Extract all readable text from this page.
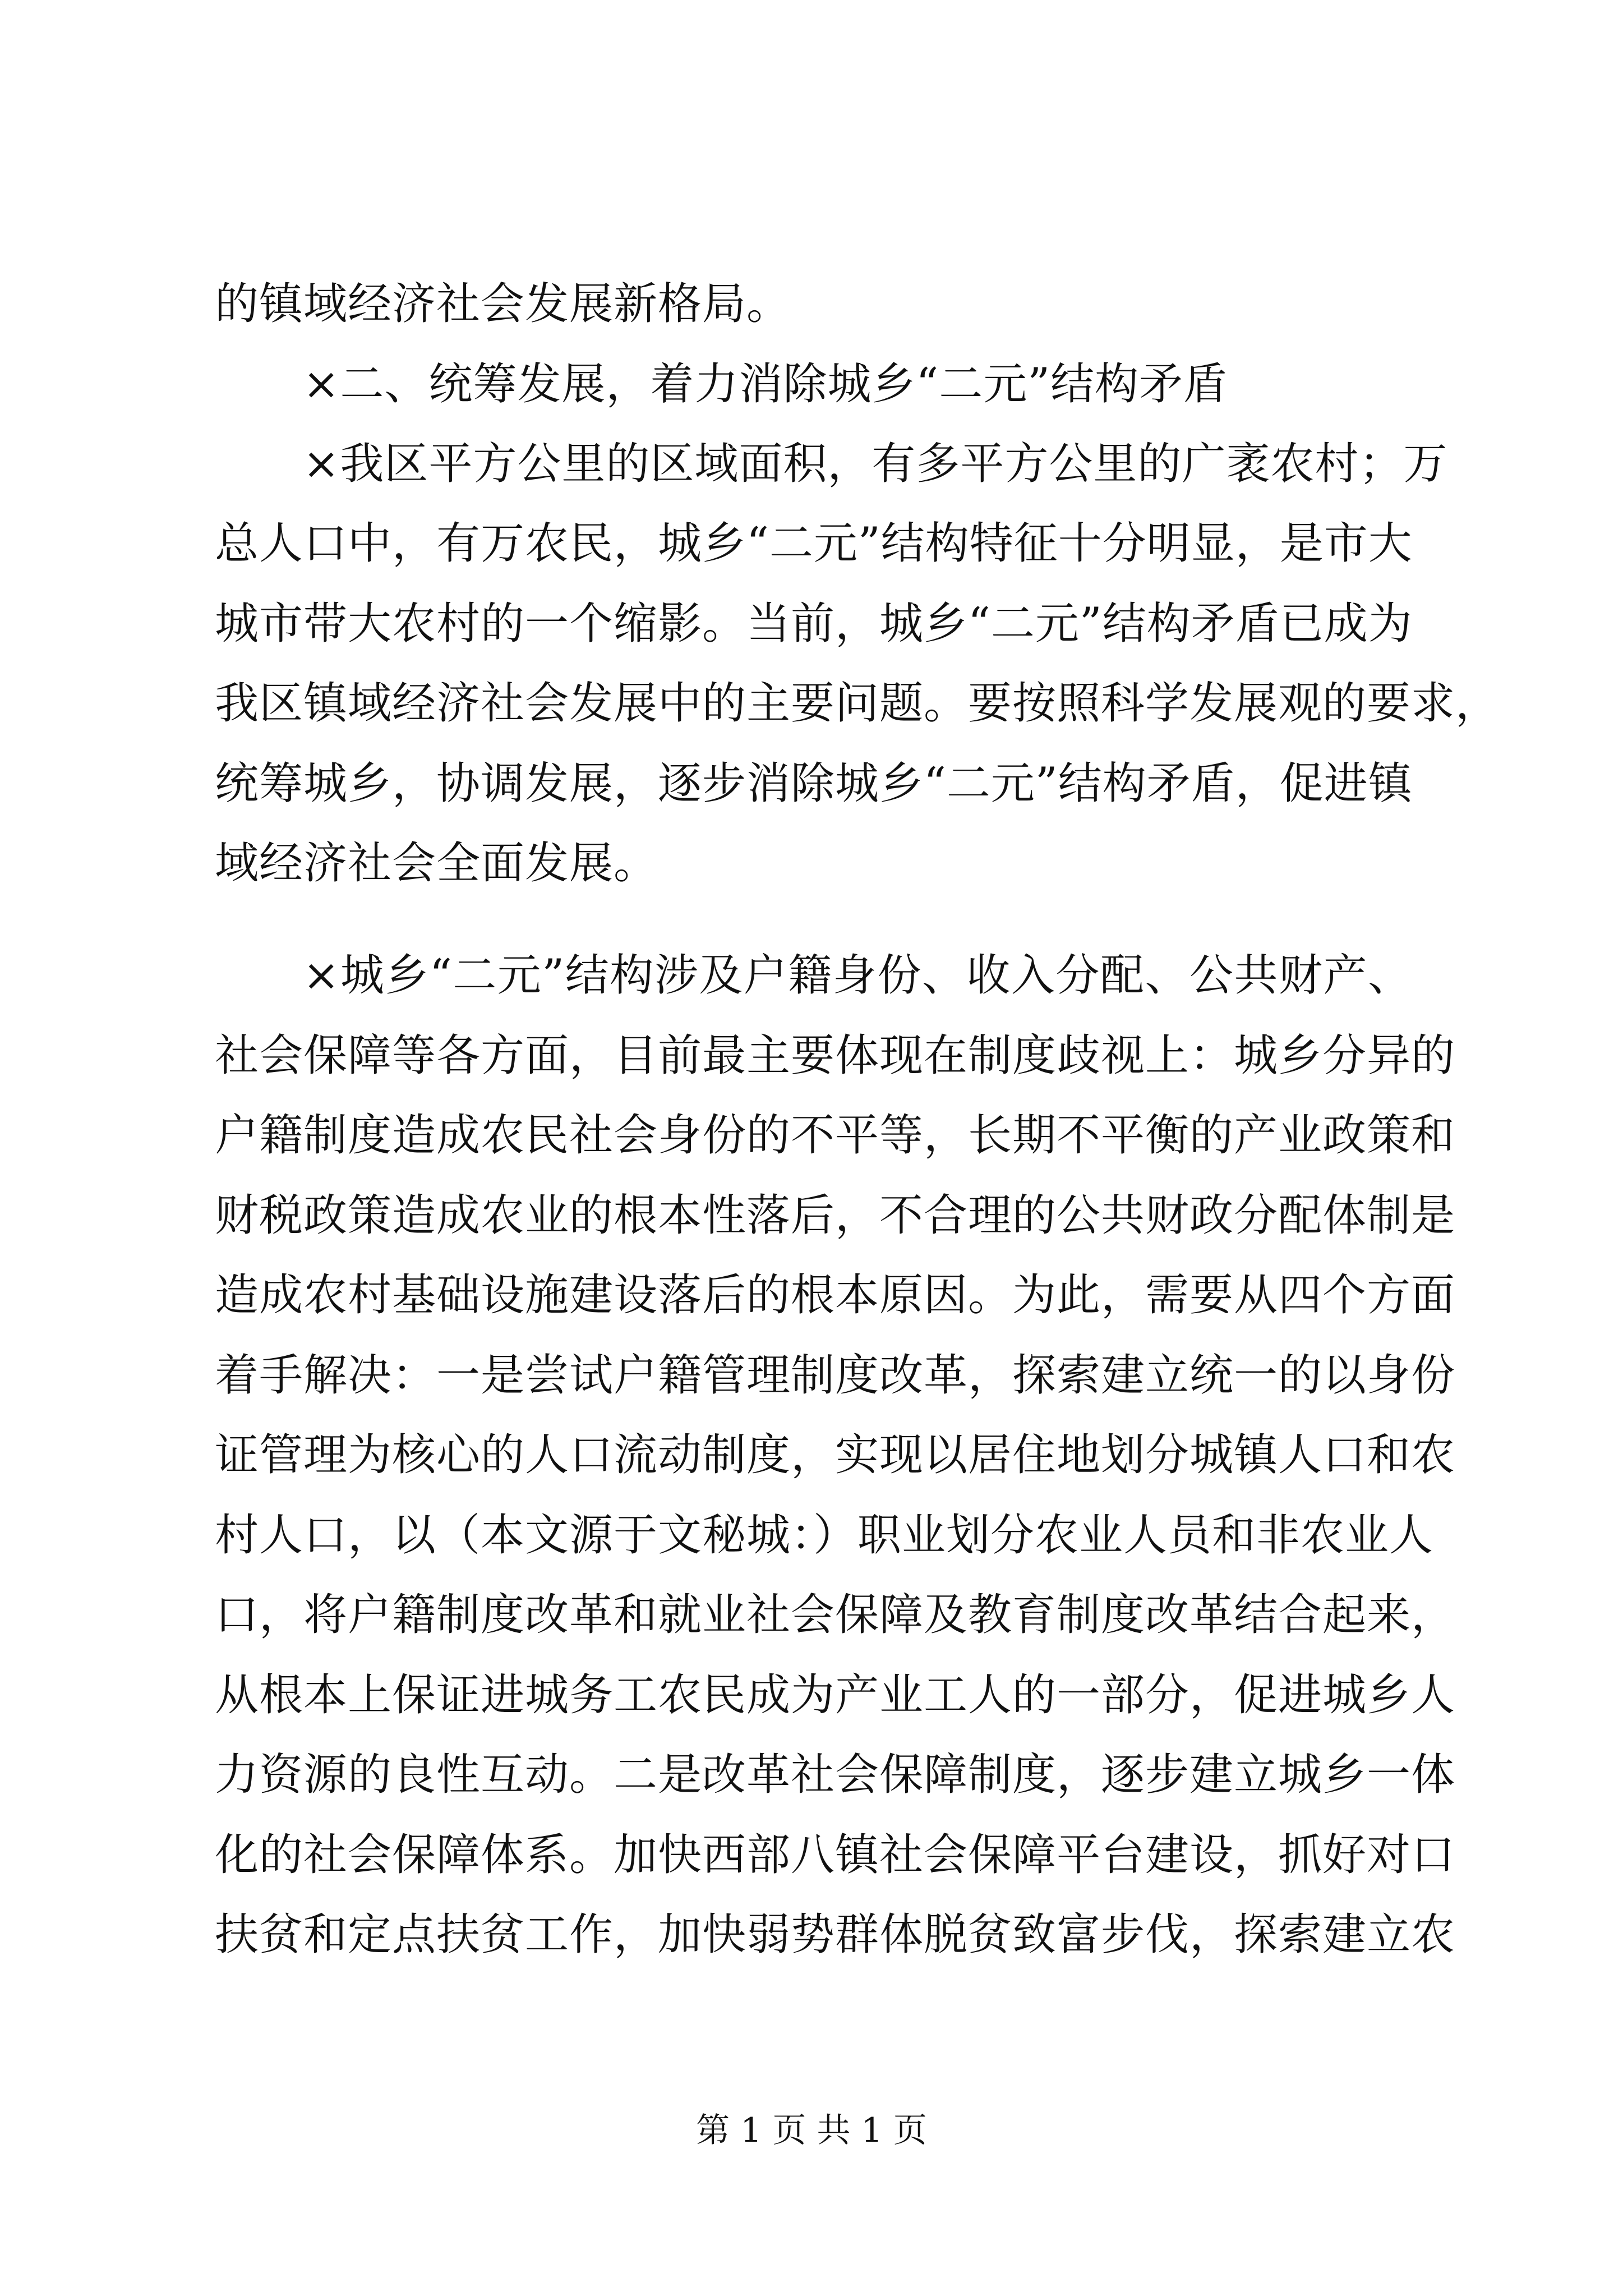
的镇域经济社会发展新格局。
×二、统筹发展，着力消除城乡“二元”结构矛盾
×我区平方公里的区域面积，有多平方公里的广袤农村；万
总人口中，有万农民，城乡“二元”结构特征十分明显，是市大
城市带大农村的一个缩影。当前，城乡“二元”结构矛盾已成为
我区镇域经济社会发展中的主要问题。要按照科学发展观的要求，
统筹城乡，协调发展，逐步消除城乡“二元”结构矛盾，促进镇
域经济社会全面发展。
×城乡“二元”结构涉及户籍身份、收入分配、公共财产、
社会保障等各方面，目前最主要体现在制度歧视上：城乡分异的
户籍制度造成农民社会身份的不平等，长期不平衡的产业政策和
财税政策造成农业的根本性落后，不合理的公共财政分配体制是
造成农村基础设施建设落后的根本原因。为此，需要从四个方面
着手解决：一是尝试户籍管理制度改革，探索建立统一的以身份
证管理为核心的人口流动制度，实现以居住地划分城镇人口和农
村人口，以（本文源于文秘城：）职业划分农业人员和非农业人
口，将户籍制度改革和就业社会保障及教育制度改革结合起来，
从根本上保证进城务工农民成为产业工人的一部分，促进城乡人
力资源的良性互动。二是改革社会保障制度，逐步建立城乡一体
化的社会保障体系。加快西部八镇社会保障平台建设，抓好对口
扶贫和定点扶贫工作，加快弱势群体脱贫致富步伐，探索建立农
第 1 页 共 1 页
